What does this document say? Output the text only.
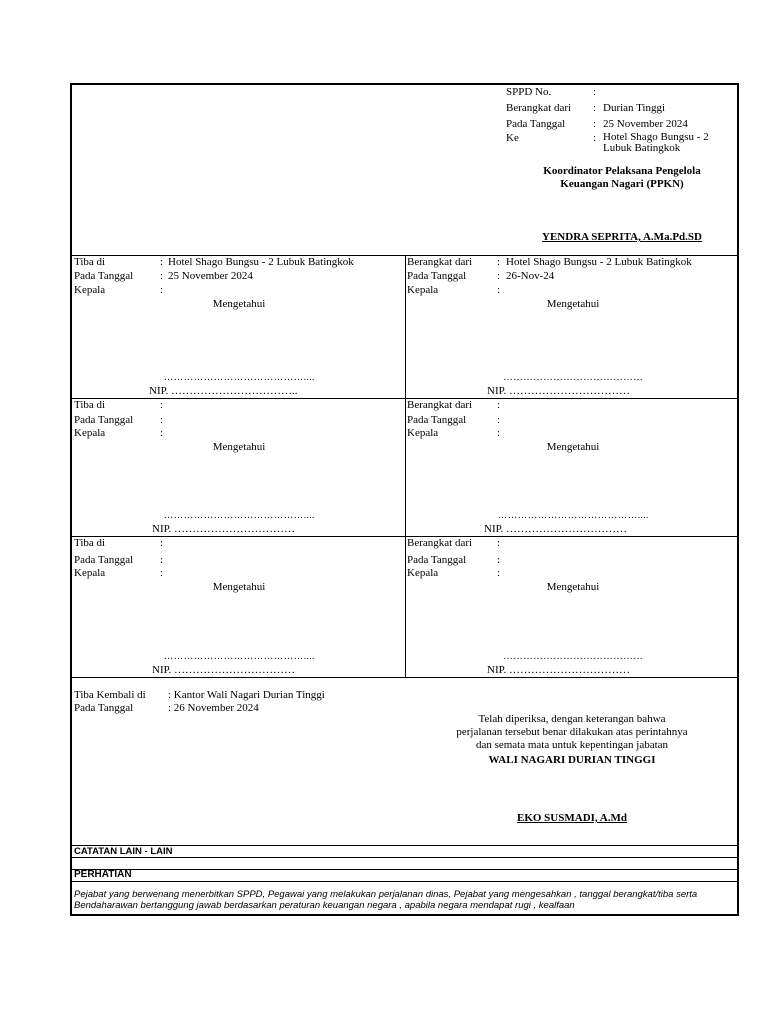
SPPD No.	:
Berangkat dari : Durian Tinggi
Pada Tanggal	: 25 November 2024
Ke	: Hotel Shago Bungsu - 2
Lubuk Batingkok
Koordinator Pelaksana Pengelola
Keuangan Nagari (PPKN)
YENDRA SEPRITA, A.Ma.Pd.SD
Tiba di	: Hotel Shago Bungsu - 2 Lubuk Batingkok
Pada Tanggal : 25 November 2024
Kepala	:
Mengetahui
……………………………………....
NIP. ……………………………..
Berangkat dari : Hotel Shago Bungsu - 2 Lubuk Batingkok
Pada Tanggal	: 26-Nov-24
Kepala	:
Mengetahui
……………………………………
NIP. ……………………………
Tiba di	:
Pada Tanggal :
Kepala	:
Mengetahui
……………………………………....
NIP. ……………………………
Berangkat dari :
Pada Tanggal	:
Kepala	:
Mengetahui
……………………………………....
NIP. ……………………………
Tiba di	:
Pada Tanggal :
Kepala	:
Mengetahui
……………………………………....
NIP. ……………………………
Berangkat dari :
Pada Tanggal	:
Kepala	:
Mengetahui
……………………………………
NIP. ……………………………
Tiba Kembali di : Kantor Wali Nagari Durian Tinggi
Pada Tanggal	: 26 November 2024
Telah diperiksa, dengan keterangan bahwa
perjalanan tersebut benar dilakukan atas perintahnya
dan semata mata untuk kepentingan jabatan
WALI NAGARI DURIAN TINGGI
EKO SUSMADI, A.Md
CATATAN LAIN - LAIN
PERHATIAN
Pejabat yang berwenang menerbitkan SPPD, Pegawai yang melakukan perjalanan dinas, Pejabat yang mengesahkan , tanggal berangkat/tiba serta
Bendaharawan bertanggung jawab berdasarkan peraturan keuangan negara , apabila negara mendapat rugi , kealfaan
